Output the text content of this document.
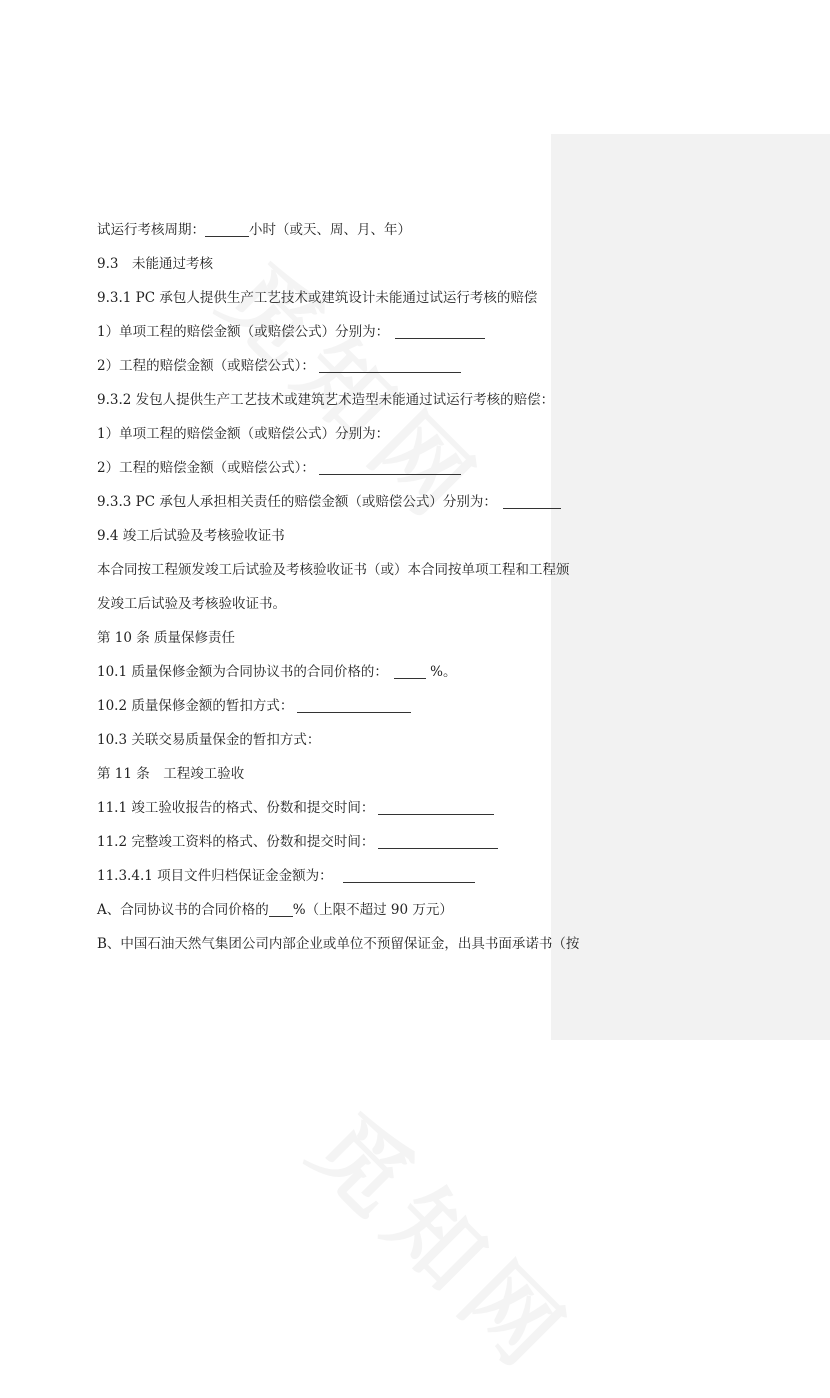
试运行考核周期：	小时（或天、周、月、年）
9.3　未能通过考核
9.3.1 PC 承包人提供生产工艺技术或建筑设计未能通过试运行考核的赔偿
1）单项工程的赔偿金额（或赔偿公式）分别为：
2）工程的赔偿金额（或赔偿公式）：
9.3.2 发包人提供生产工艺技术或建筑艺术造型未能通过试运行考核的赔偿：
1）单项工程的赔偿金额（或赔偿公式）分别为：
2）工程的赔偿金额（或赔偿公式）：
9.3.3 PC 承包人承担相关责任的赔偿金额（或赔偿公式）分别为：
9.4 竣工后试验及考核验收证书
本合同按工程颁发竣工后试验及考核验收证书（或）本合同按单项工程和工程颁
发竣工后试验及考核验收证书。
第 10 条 质量保修责任
10.1 质量保修金额为合同协议书的合同价格的：	%。
10.2 质量保修金额的暂扣方式：
10.3 关联交易质量保金的暂扣方式：
第 11 条　工程竣工验收
11.1 竣工验收报告的格式、份数和提交时间：
11.2 完整竣工资料的格式、份数和提交时间：
11.3.4.1 项目文件归档保证金金额为：
A、合同协议书的合同价格的 %（上限不超过 90 万元）
B、中国石油天然气集团公司内部企业或单位不预留保证金，出具书面承诺书（按
